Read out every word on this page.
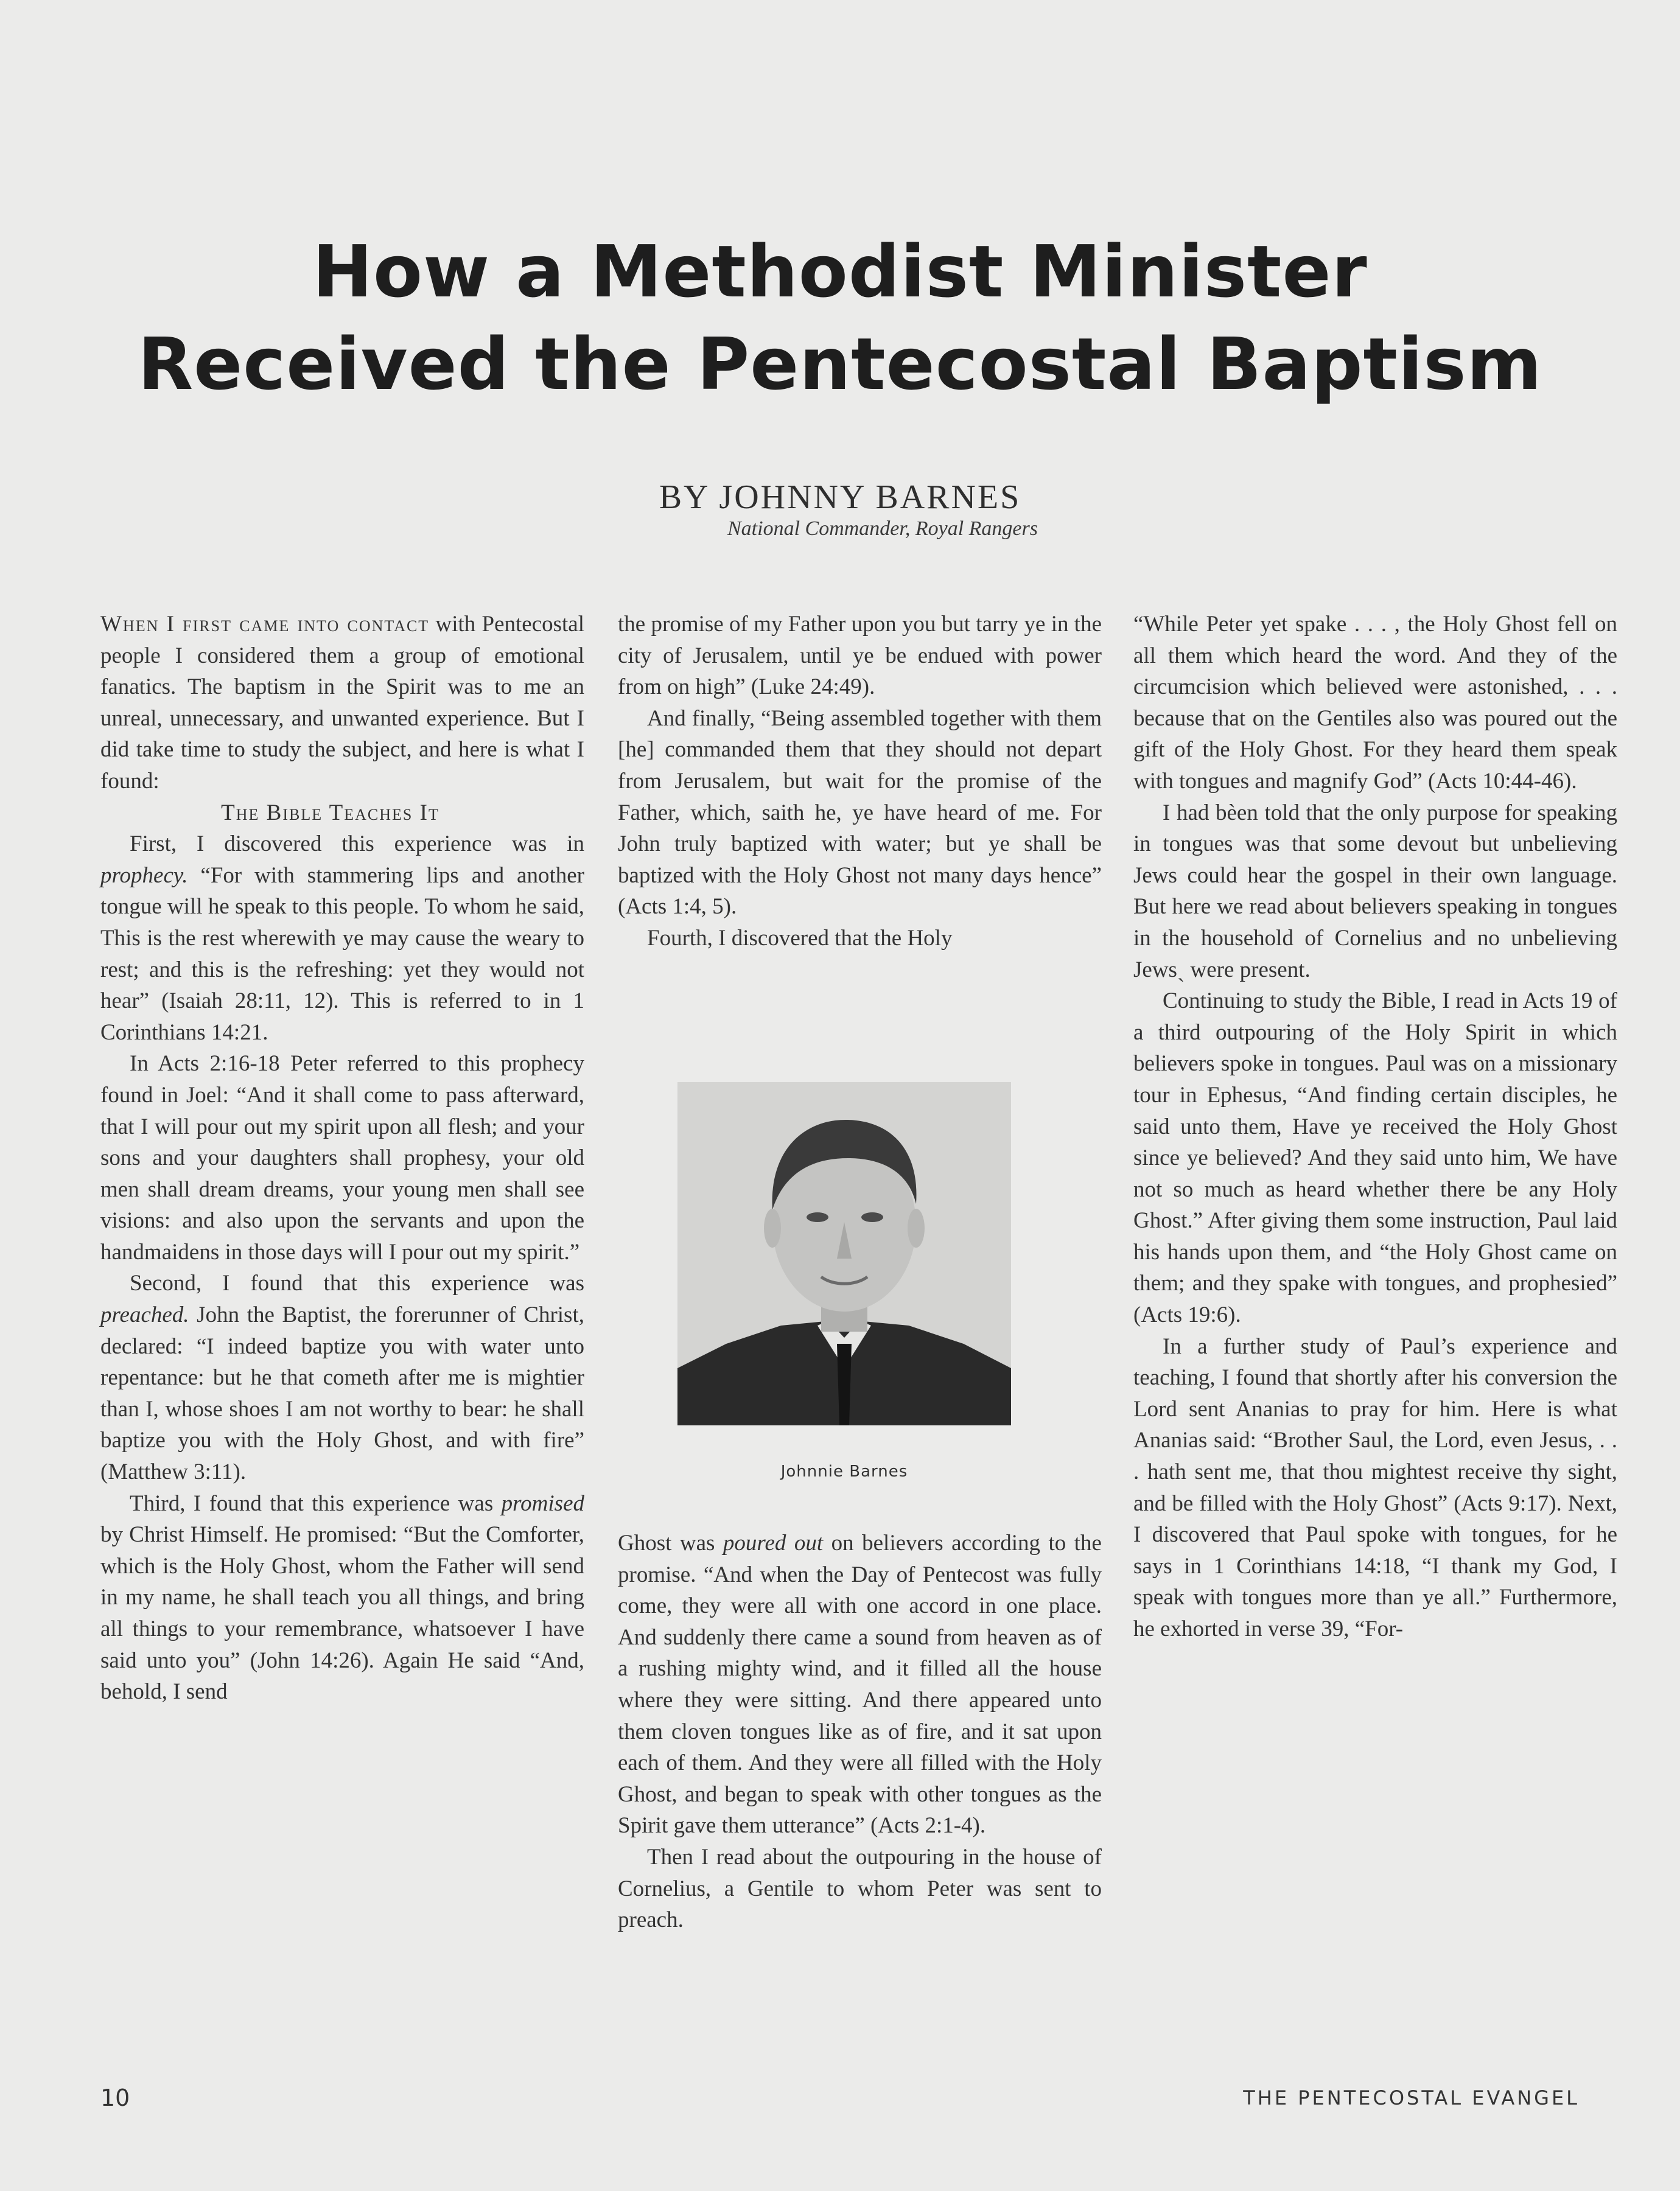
How a Methodist Minister
Received the Pentecostal Baptism
BY JOHNNY BARNES
National Commander, Royal Rangers

When I first came into contact with Pentecostal people I considered them a group of emotional fanatics. The baptism in the Spirit was to me an unreal, unnecessary, and unwanted experience. But I did take time to study the subject, and here is what I found:

The Bible Teaches It

First, I discovered this experience was in prophecy. “For with stammering lips and another tongue will he speak to this people. To whom he said, This is the rest wherewith ye may cause the weary to rest; and this is the refreshing: yet they would not hear” (Isaiah 28:11, 12). This is referred to in 1 Corinthians 14:21.

In Acts 2:16-18 Peter referred to this prophecy found in Joel: “And it shall come to pass afterward, that I will pour out my spirit upon all flesh; and your sons and your daughters shall prophesy, your old men shall dream dreams, your young men shall see visions: and also upon the servants and upon the handmaidens in those days will I pour out my spirit.”

Second, I found that this experience was preached. John the Baptist, the forerunner of Christ, declared: “I indeed baptize you with water unto repentance: but he that cometh after me is mightier than I, whose shoes I am not worthy to bear: he shall baptize you with the Holy Ghost, and with fire” (Matthew 3:11).

Third, I found that this experience was promised by Christ Himself. He promised: “But the Comforter, which is the Holy Ghost, whom the Father will send in my name, he shall teach you all things, and bring all things to your remembrance, whatsoever I have said unto you” (John 14:26). Again He said “And, behold, I send

the promise of my Father upon you but tarry ye in the city of Jerusalem, until ye be endued with power from on high” (Luke 24:49).

And finally, “Being assembled together with them [he] commanded them that they should not depart from Jerusalem, but wait for the promise of the Father, which, saith he, ye have heard of me. For John truly baptized with water; but ye shall be baptized with the Holy Ghost not many days hence” (Acts 1:4, 5).

Fourth, I discovered that the Holy

Ghost was poured out on believers according to the promise. “And when the Day of Pentecost was fully come, they were all with one accord in one place. And suddenly there came a sound from heaven as of a rushing mighty wind, and it filled all the house where they were sitting. And there appeared unto them cloven tongues like as of fire, and it sat upon each of them. And they were all filled with the Holy Ghost, and began to speak with other tongues as the Spirit gave them utterance” (Acts 2:1-4).

Then I read about the outpouring in the house of Cornelius, a Gentile to whom Peter was sent to preach.

Johnnie Barnes

“While Peter yet spake . . . , the Holy Ghost fell on all them which heard the word. And they of the circumcision which believed were astonished, . . . because that on the Gentiles also was poured out the gift of the Holy Ghost. For they heard them speak with tongues and magnify God” (Acts 10:44-46).

I had bèen told that the only purpose for speaking in tongues was that some devout but unbelieving Jews could hear the gospel in their own language. But here we read about believers speaking in tongues in the household of Cornelius and no unbelieving Jewsˎ were present.

Continuing to study the Bible, I read in Acts 19 of a third outpouring of the Holy Spirit in which believers spoke in tongues. Paul was on a missionary tour in Ephesus, “And finding certain disciples, he said unto them, Have ye received the Holy Ghost since ye believed? And they said unto him, We have not so much as heard whether there be any Holy Ghost.” After giving them some instruction, Paul laid his hands upon them, and “the Holy Ghost came on them; and they spake with tongues, and prophesied” (Acts 19:6).

In a further study of Paul’s experience and teaching, I found that shortly after his conversion the Lord sent Ananias to pray for him. Here is what Ananias said: “Brother Saul, the Lord, even Jesus, . . . hath sent me, that thou mightest receive thy sight, and be filled with the Holy Ghost” (Acts 9:17). Next, I discovered that Paul spoke with tongues, for he says in 1 Corinthians 14:18, “I thank my God, I speak with tongues more than ye all.” Furthermore, he exhorted in verse 39, “For-

10	THE PENTECOSTAL EVANGEL
